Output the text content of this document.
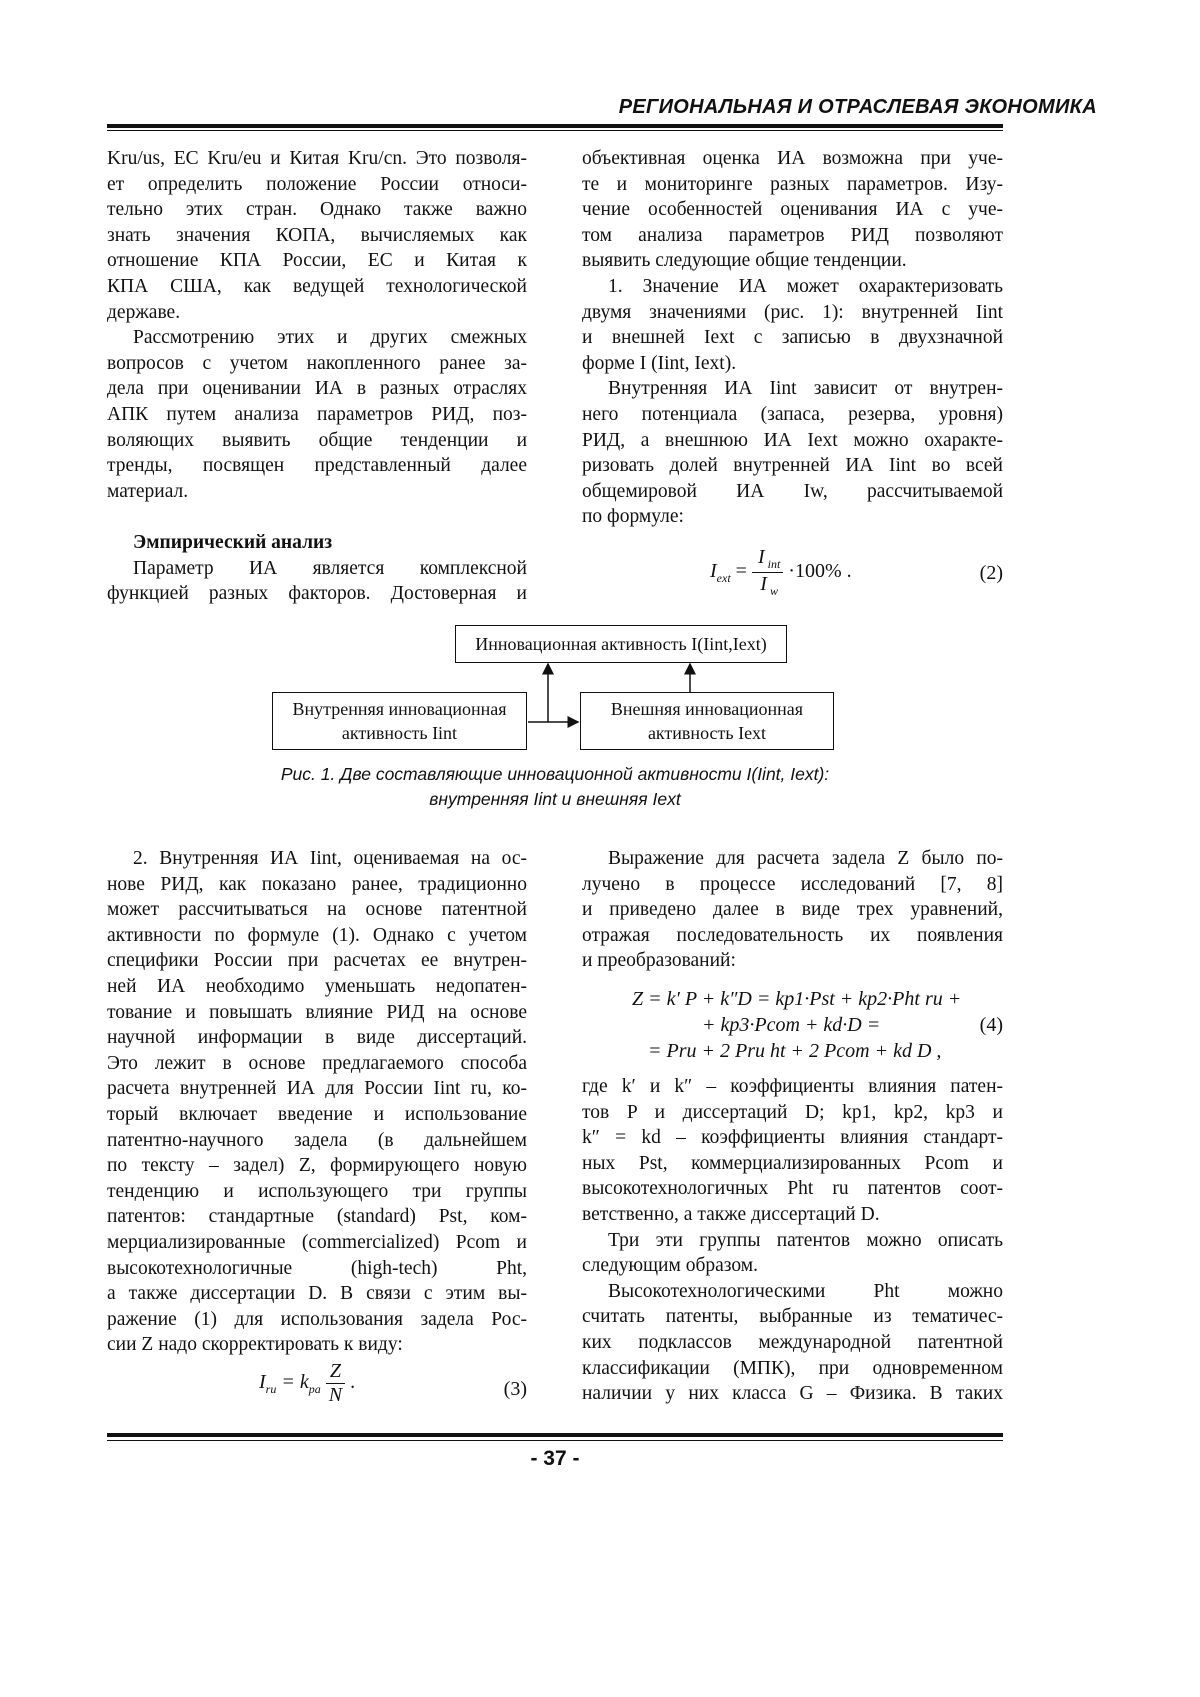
РЕГИОНАЛЬНАЯ И ОТРАСЛЕВАЯ ЭКОНОМИКА
Kru/us, ЕС Kru/eu и Китая Kru/cn. Это позволя-
ет определить положение России относи-
тельно этих стран. Однако также важно
знать значения КОПА, вычисляемых как
отношение КПА России, ЕС и Китая к
КПА США, как ведущей технологической
державе.
Рассмотрению этих и других смежных
вопросов с учетом накопленного ранее за-
дела при оценивании ИА в разных отраслях
АПК путем анализа параметров РИД, поз-
воляющих выявить общие тенденции и
тренды, посвящен представленный далее
материал.
Эмпирический анализ
Параметр ИА является комплексной
функцией разных факторов. Достоверная и
объективная оценка ИА возможна при уче-
те и мониторинге разных параметров. Изу-
чение особенностей оценивания ИА с уче-
том анализа параметров РИД позволяют
выявить следующие общие тенденции.
1. Значение ИА может охарактеризовать
двумя значениями (рис. 1): внутренней Iint
и внешней Iext с записью в двухзначной
форме I (Iint, Iext).
Внутренняя ИА Iint зависит от внутрен-
него потенциала (запаса, резерва, уровня)
РИД, а внешнюю ИА Iext можно охаракте-
ризовать долей внутренней ИА Iint во всей
общемировой ИА Iw, рассчитываемой
по формуле:
Iext =
I int
I w
·100% .	(2)
Инновационная активность I(Iint,Iext)
Внутренняя инновационная
активность Iint
Внешняя инновационная
активность Iext
Рис. 1. Две составляющие инновационной активности I(Iint, Iext):
внутренняя Iint и внешняя Iext
2. Внутренняя ИА Iint, оцениваемая на ос-
нове РИД, как показано ранее, традиционно
может рассчитываться на основе патентной
активности по формуле (1). Однако с учетом
специфики России при расчетах ее внутрен-
ней ИА необходимо уменьшать недопатен-
тование и повышать влияние РИД на основе
научной информации в виде диссертаций.
Это лежит в основе предлагаемого способа
расчета внутренней ИА для России Iint ru, ко-
торый включает введение и использование
патентно-научного задела (в дальнейшем
по тексту – задел) Z, формирующего новую
тенденцию и использующего три группы
патентов: стандартные (standard) Pst, ком-
мерциализированные (commercialized) Pcom и
высокотехнологичные (high-tech) Pht,
а также диссертации D. В связи с этим вы-
ражение (1) для использования задела Рос-
сии Z надо скорректировать к виду:
Iru = kpa
Z
N
.	(3)
Выражение для расчета задела Z было по-
лучено в процессе исследований [7, 8]
и приведено далее в виде трех уравнений,
отражая последовательность их появления
и преобразований:
Z = k′ P + k″D = kp1·Pst + kp2·Pht ru +
+ kp3·Pcom + kd·D =
= Pru + 2 Pru ht + 2 Pcom + kd D ,
(4)
где k′ и k″ – коэффициенты влияния патен-
тов P и диссертаций D; kp1, kp2, kp3 и
k″ = kd – коэффициенты влияния стандарт-
ных Pst, коммерциализированных Pcom и
высокотехнологичных Pht ru патентов соот-
ветственно, а также диссертаций D.
Три эти группы патентов можно описать
следующим образом.
Высокотехнологическими Pht можно
считать патенты, выбранные из тематичес-
ких подклассов международной патентной
классификации (МПК), при одновременном
наличии у них класса G – Физика. В таких
- 37 -
